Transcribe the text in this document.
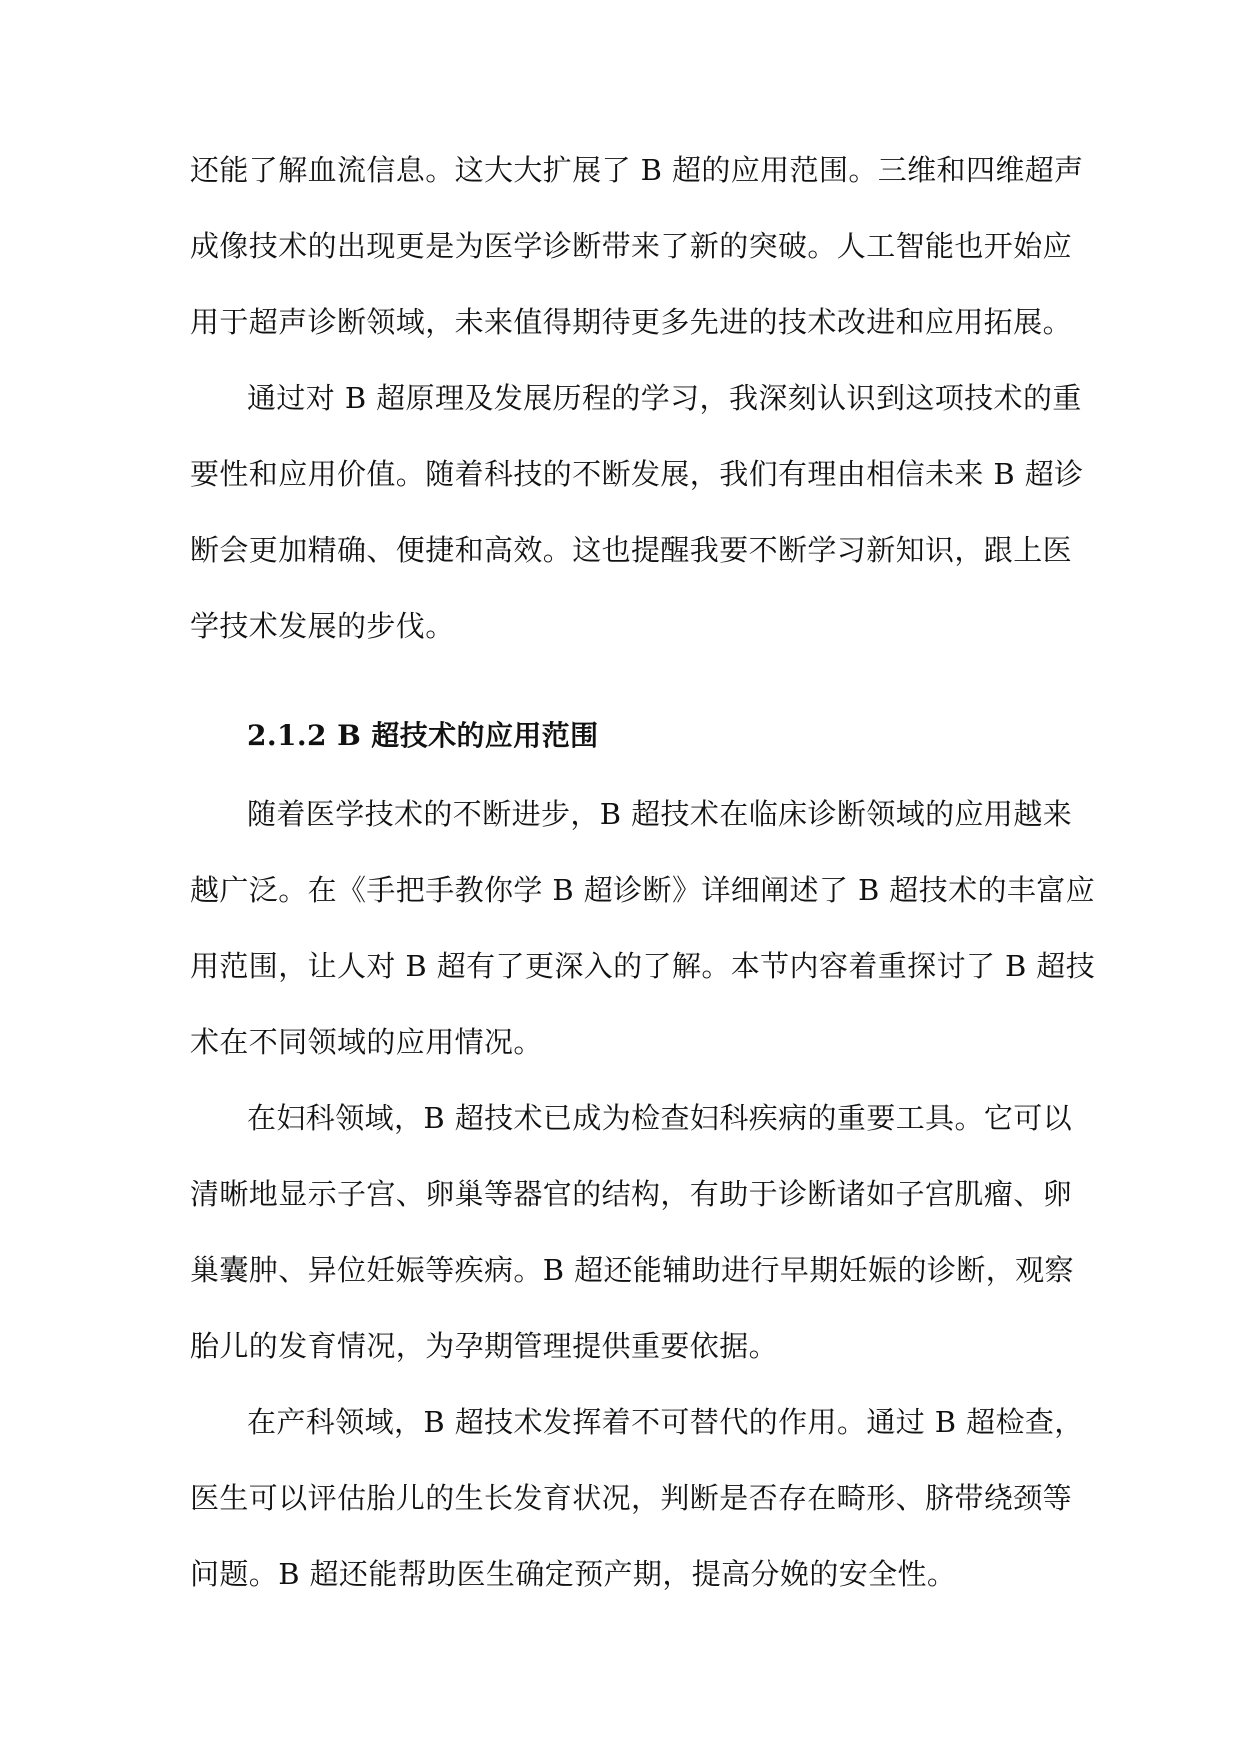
还能了解血流信息。这大大扩展了 B 超的应用范围。三维和四维超声
成像技术的出现更是为医学诊断带来了新的突破。人工智能也开始应
用于超声诊断领域，未来值得期待更多先进的技术改进和应用拓展。
通过对 B 超原理及发展历程的学习，我深刻认识到这项技术的重
要性和应用价值。随着科技的不断发展，我们有理由相信未来 B 超诊
断会更加精确、便捷和高效。这也提醒我要不断学习新知识，跟上医
学技术发展的步伐。
2.1.2 B 超技术的应用范围
随着医学技术的不断进步，B 超技术在临床诊断领域的应用越来
越广泛。在《手把手教你学 B 超诊断》详细阐述了 B 超技术的丰富应
用范围，让人对 B 超有了更深入的了解。本节内容着重探讨了 B 超技
术在不同领域的应用情况。
在妇科领域，B 超技术已成为检查妇科疾病的重要工具。它可以
清晰地显示子宫、卵巢等器官的结构，有助于诊断诸如子宫肌瘤、卵
巢囊肿、异位妊娠等疾病。B 超还能辅助进行早期妊娠的诊断，观察
胎儿的发育情况，为孕期管理提供重要依据。
在产科领域，B 超技术发挥着不可替代的作用。通过 B 超检查，
医生可以评估胎儿的生长发育状况，判断是否存在畸形、脐带绕颈等
问题。B 超还能帮助医生确定预产期，提高分娩的安全性。
